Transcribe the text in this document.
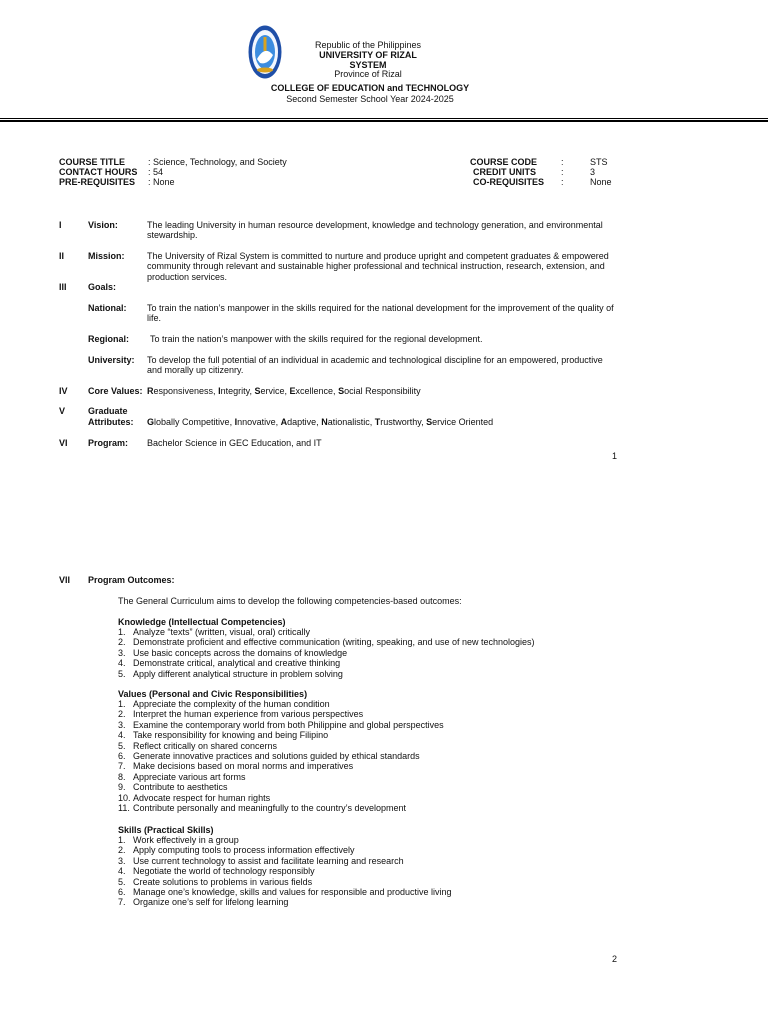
Republic of the Philippines
UNIVERSITY OF RIZAL SYSTEM
Province of Rizal
COLLEGE OF EDUCATION and TECHNOLOGY
Second Semester School Year 2024-2025
COURSE TITLE	: Science, Technology, and Society
CONTACT HOURS : 54
PRE-REQUISITES : None
COURSE CODE	:	STS
CREDIT UNITS	:	3
CO-REQUISITES :	None
I	Vision:	The leading University in human resource development, knowledge and technology generation, and environmental stewardship.
II	Mission: The University of Rizal System is committed to nurture and produce upright and competent graduates & empowered community through relevant and sustainable higher professional and technical instruction, research, extension, and production services.
III Goals:
National: To train the nation’s manpower in the skills required for the national development for the improvement of the quality of life.
Regional: To train the nation’s manpower with the skills required for the regional development.
University: To develop the full potential of an individual in academic and technological discipline for an empowered, productive and morally up citizenry.
IV Core Values: Responsiveness, Integrity, Service, Excellence, Social Responsibility
V	Graduate
Attributes: Globally Competitive, Innovative, Adaptive, Nationalistic, Trustworthy, Service Oriented
VI Program: Bachelor Science in GEC Education, and IT
1
VII Program Outcomes:
The General Curriculum aims to develop the following competencies-based outcomes:
Knowledge (Intellectual Competencies)
1. Analyze “texts” (written, visual, oral) critically
2. Demonstrate proficient and effective communication (writing, speaking, and use of new technologies)
3. Use basic concepts across the domains of knowledge
4. Demonstrate critical, analytical and creative thinking
5. Apply different analytical structure in problem solving
Values (Personal and Civic Responsibilities)
1. Appreciate the complexity of the human condition
2. Interpret the human experience from various perspectives
3. Examine the contemporary world from both Philippine and global perspectives
4. Take responsibility for knowing and being Filipino
5. Reflect critically on shared concerns
6. Generate innovative practices and solutions guided by ethical standards
7. Make decisions based on moral norms and imperatives
8. Appreciate various art forms
9. Contribute to aesthetics
10. Advocate respect for human rights
11. Contribute personally and meaningfully to the country’s development
Skills (Practical Skills)
1. Work effectively in a group
2. Apply computing tools to process information effectively
3. Use current technology to assist and facilitate learning and research
4. Negotiate the world of technology responsibly
5. Create solutions to problems in various fields
6. Manage one’s knowledge, skills and values for responsible and productive living
7. Organize one’s self for lifelong learning
2
